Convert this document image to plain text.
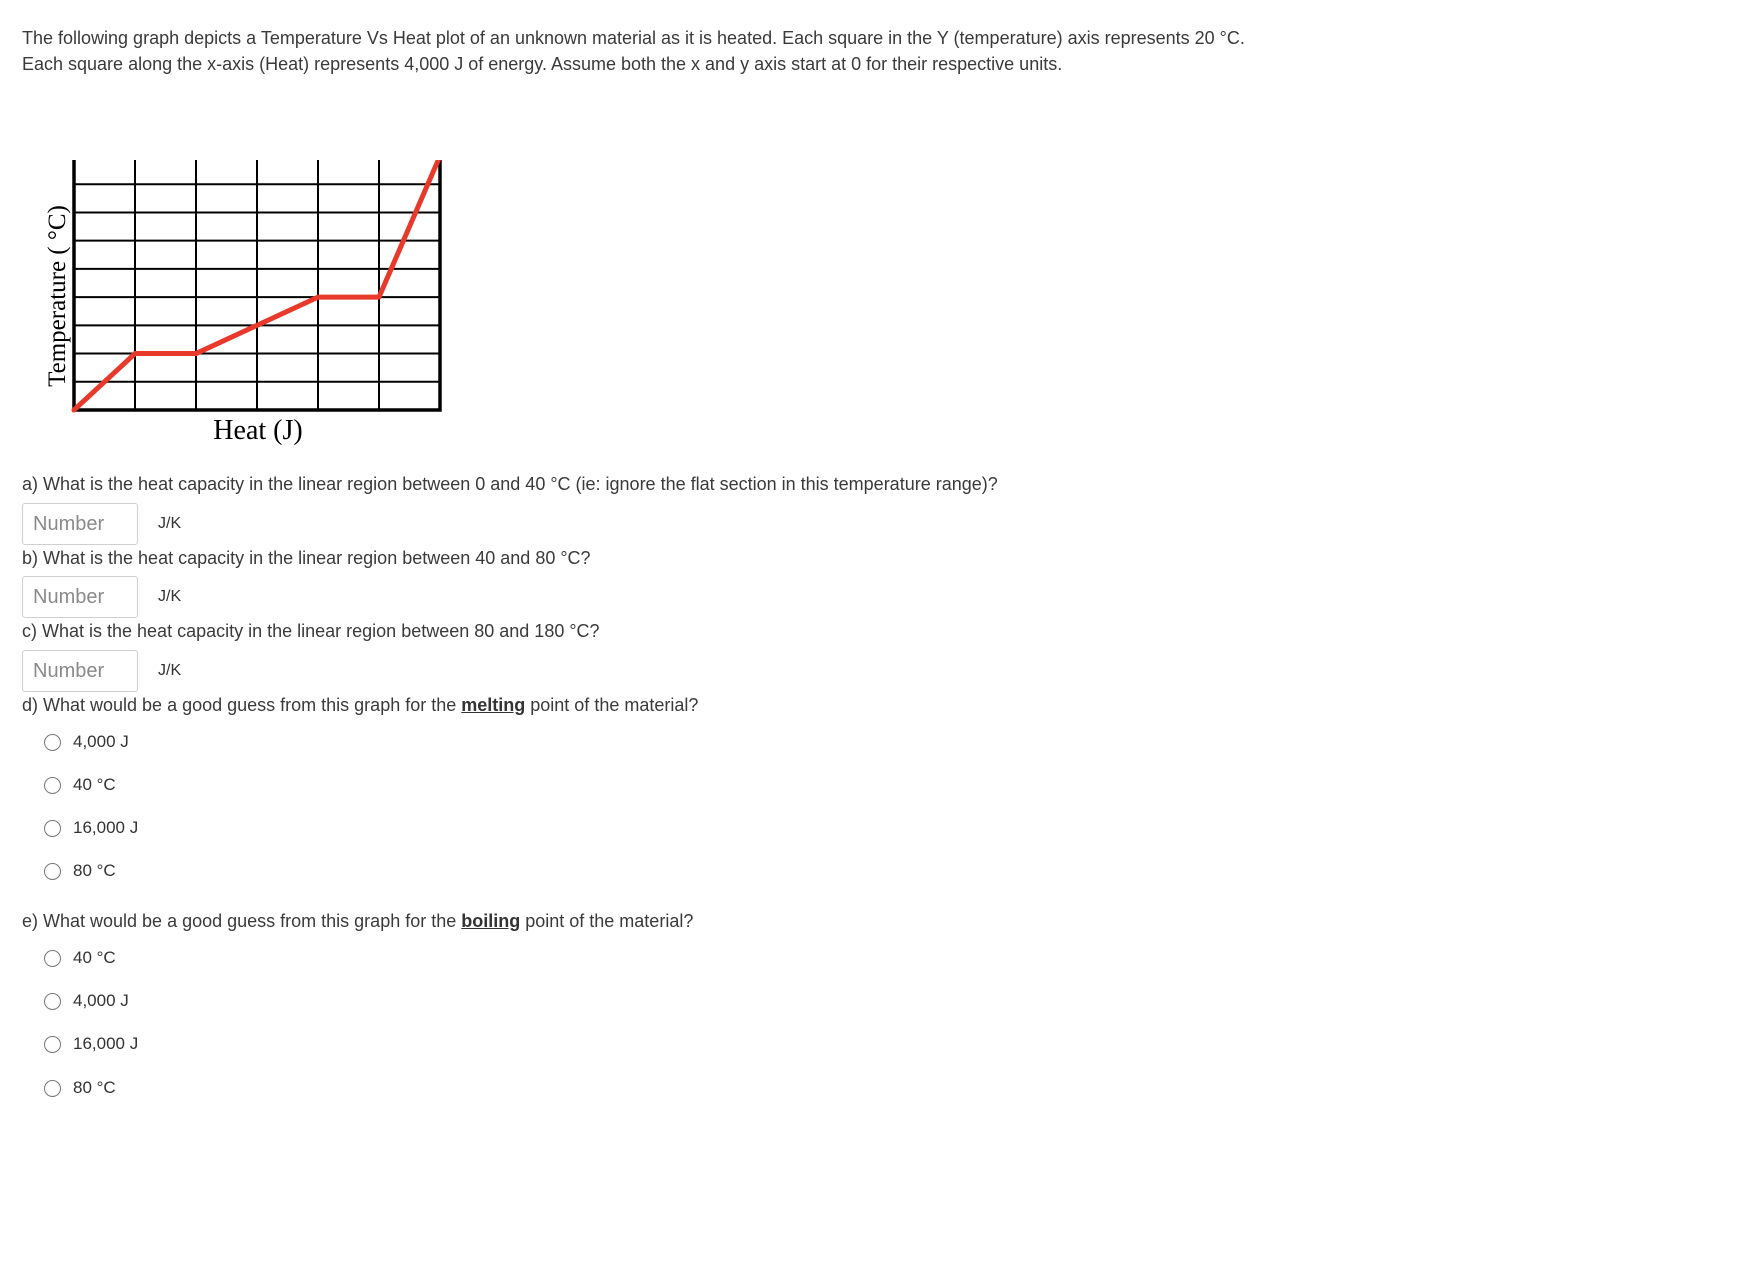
The following graph depicts a Temperature Vs Heat plot of an unknown material as it is heated. Each square in the Y (temperature) axis represents 20 °C.

Each square along the x-axis (Heat) represents 4,000 J of energy. Assume both the x and y axis start at 0 for their respective units.

Temperature ( °C)
Heat (J)
a) What is the heat capacity in the linear region between 0 and 40 °C (ie: ignore the flat section in this temperature range)?
Number
J/K
b) What is the heat capacity in the linear region between 40 and 80 °C?
Number
J/K
c) What is the heat capacity in the linear region between 80 and 180 °C?
Number
J/K
d) What would be a good guess from this graph for the melting point of the material?
4,000 J
40 °C
16,000 J
80 °C
e) What would be a good guess from this graph for the boiling point of the material?
40 °C
4,000 J
16,000 J
80 °C
